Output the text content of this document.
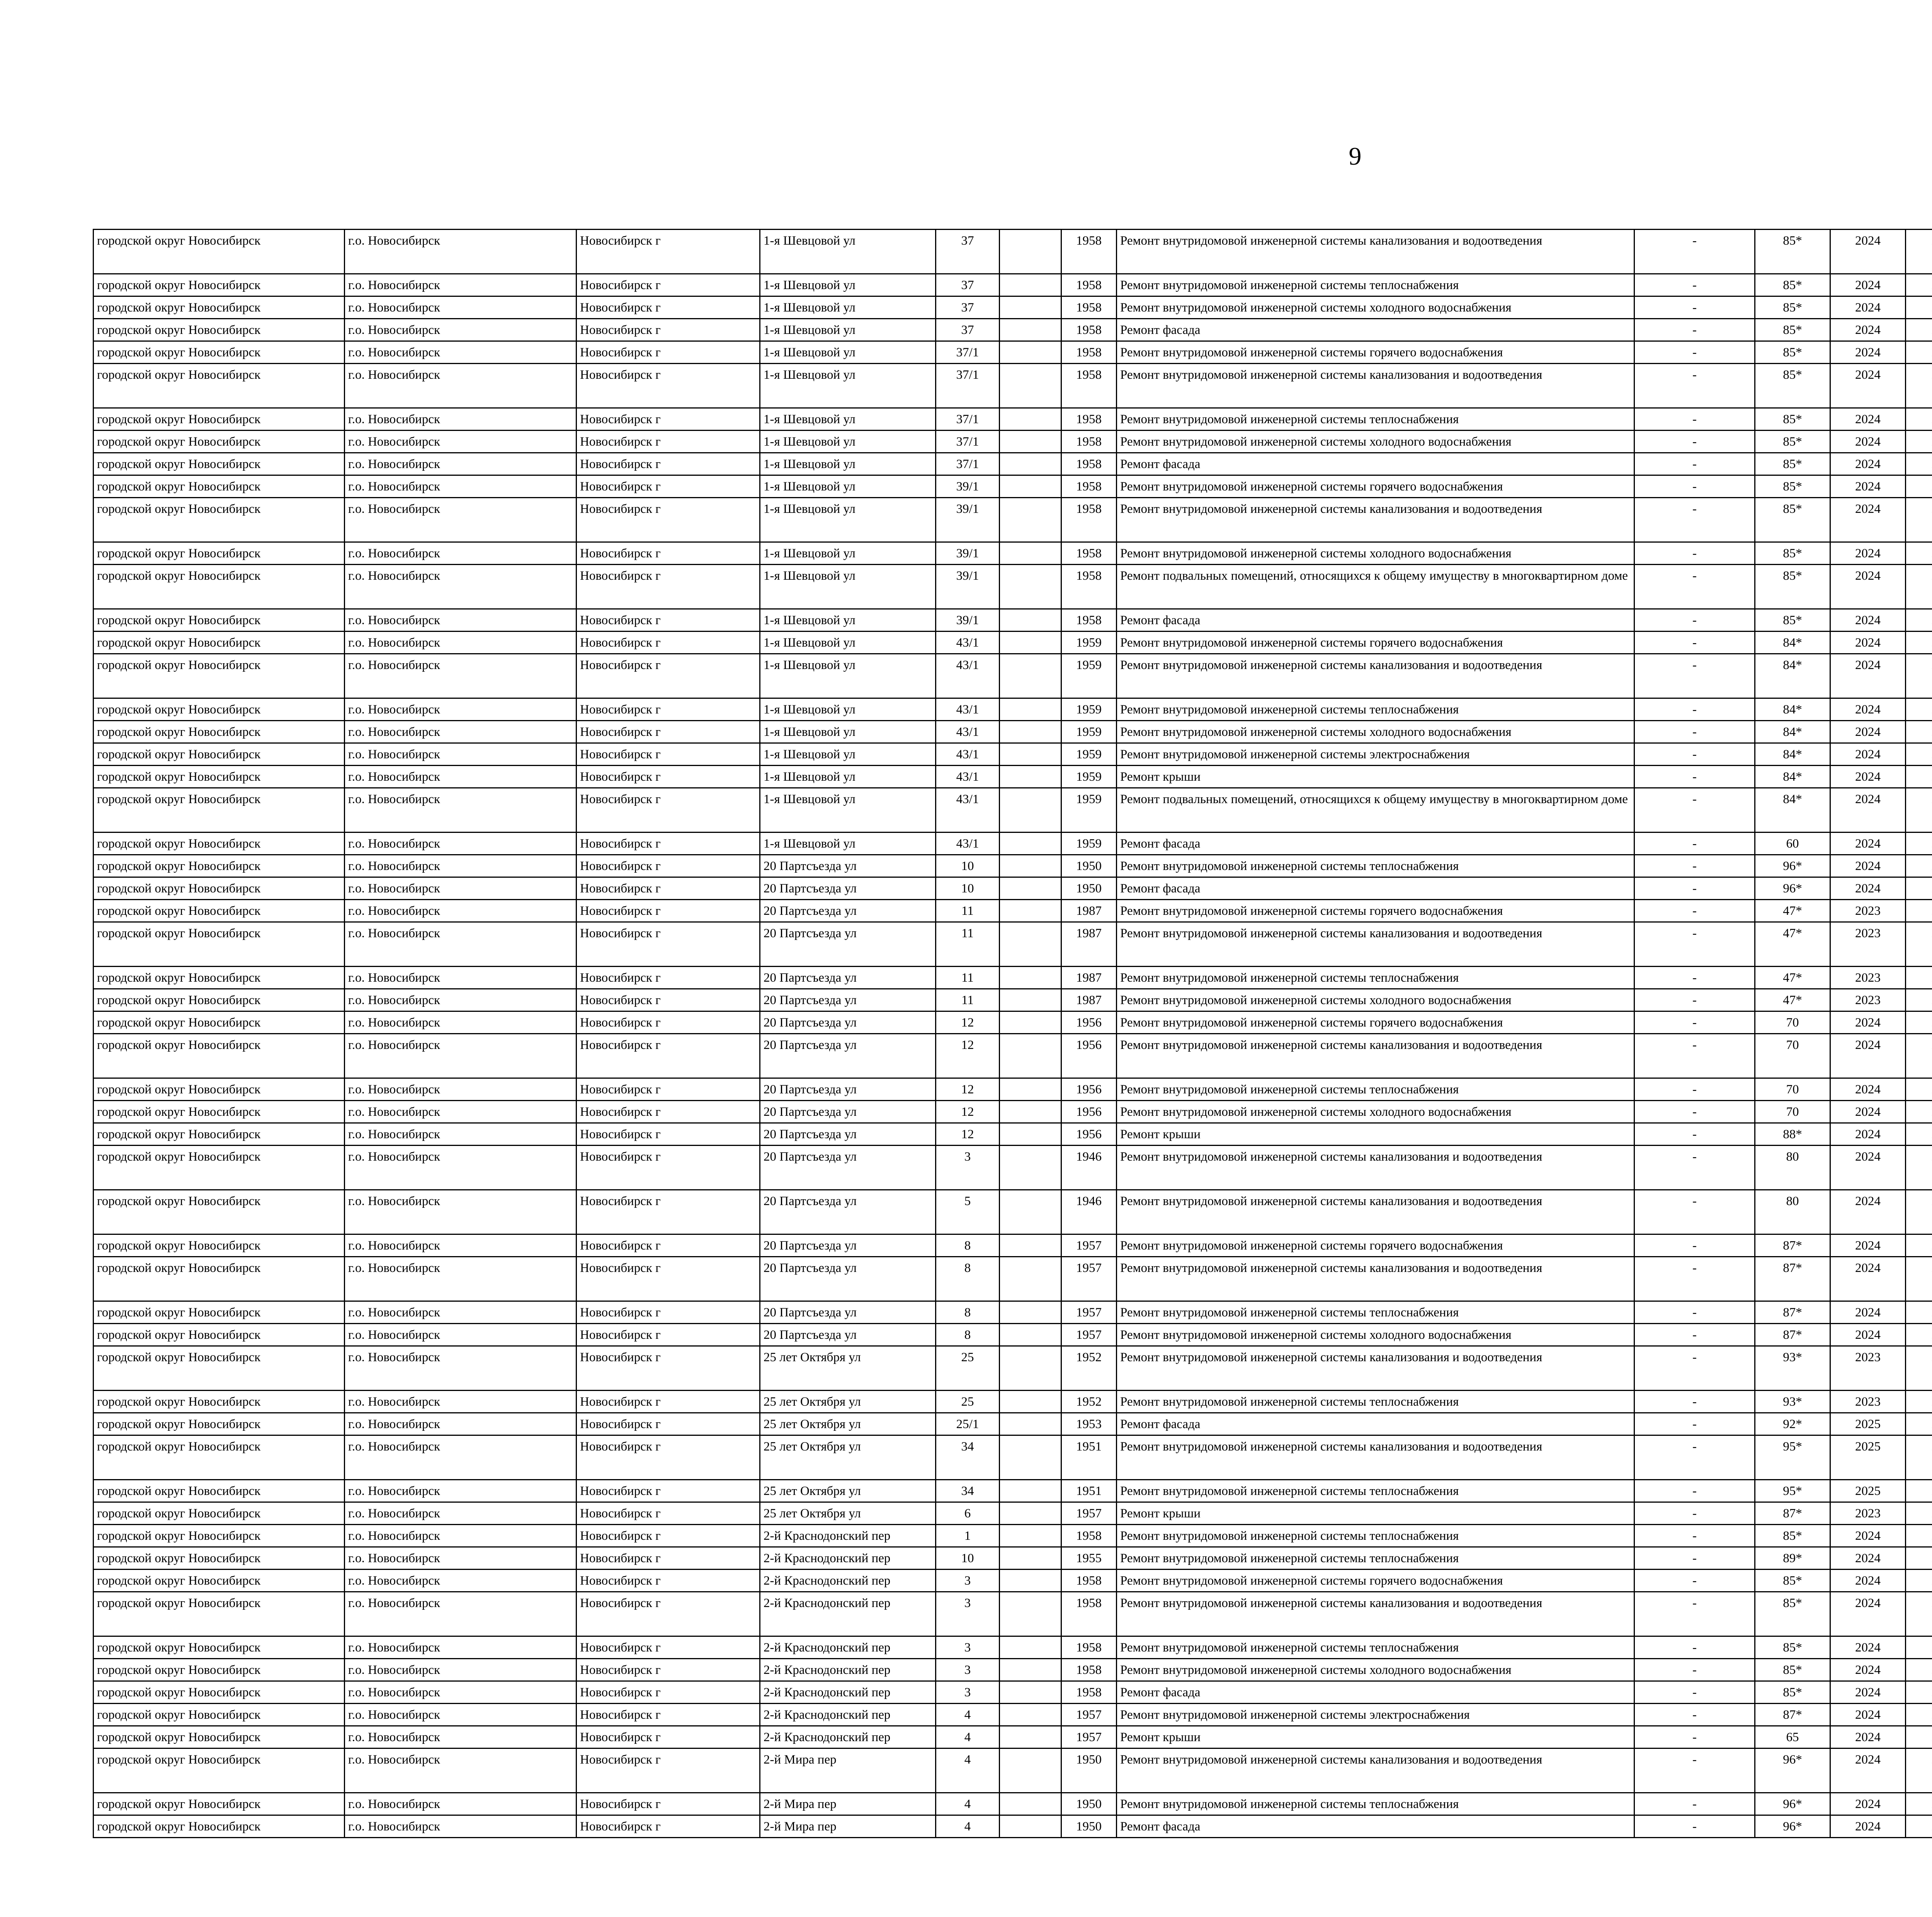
9
городской округ Новосибирск	г.о. Новосибирск	Новосибирск г	1-я Шевцовой ул	37		1958	Ремонт внутридомовой инженерной системы канализования и водоотведения	-	85*	2024						
городской округ Новосибирск	г.о. Новосибирск	Новосибирск г	1-я Шевцовой ул	37		1958	Ремонт внутридомовой инженерной системы теплоснабжения	-	85*	2024						
городской округ Новосибирск	г.о. Новосибирск	Новосибирск г	1-я Шевцовой ул	37		1958	Ремонт внутридомовой инженерной системы холодного водоснабжения	-	85*	2024						
городской округ Новосибирск	г.о. Новосибирск	Новосибирск г	1-я Шевцовой ул	37		1958	Ремонт фасада	-	85*	2024						
городской округ Новосибирск	г.о. Новосибирск	Новосибирск г	1-я Шевцовой ул	37/1		1958	Ремонт внутридомовой инженерной системы горячего водоснабжения	-	85*	2024						
городской округ Новосибирск	г.о. Новосибирск	Новосибирск г	1-я Шевцовой ул	37/1		1958	Ремонт внутридомовой инженерной системы канализования и водоотведения	-	85*	2024						
городской округ Новосибирск	г.о. Новосибирск	Новосибирск г	1-я Шевцовой ул	37/1		1958	Ремонт внутридомовой инженерной системы теплоснабжения	-	85*	2024						
городской округ Новосибирск	г.о. Новосибирск	Новосибирск г	1-я Шевцовой ул	37/1		1958	Ремонт внутридомовой инженерной системы холодного водоснабжения	-	85*	2024						
городской округ Новосибирск	г.о. Новосибирск	Новосибирск г	1-я Шевцовой ул	37/1		1958	Ремонт фасада	-	85*	2024						
городской округ Новосибирск	г.о. Новосибирск	Новосибирск г	1-я Шевцовой ул	39/1		1958	Ремонт внутридомовой инженерной системы горячего водоснабжения	-	85*	2024						
городской округ Новосибирск	г.о. Новосибирск	Новосибирск г	1-я Шевцовой ул	39/1		1958	Ремонт внутридомовой инженерной системы канализования и водоотведения	-	85*	2024						
городской округ Новосибирск	г.о. Новосибирск	Новосибирск г	1-я Шевцовой ул	39/1		1958	Ремонт внутридомовой инженерной системы холодного водоснабжения	-	85*	2024						
городской округ Новосибирск	г.о. Новосибирск	Новосибирск г	1-я Шевцовой ул	39/1		1958	Ремонт подвальных помещений, относящихся к общему имуществу в многоквартирном доме	-	85*	2024						
городской округ Новосибирск	г.о. Новосибирск	Новосибирск г	1-я Шевцовой ул	39/1		1958	Ремонт фасада	-	85*	2024						
городской округ Новосибирск	г.о. Новосибирск	Новосибирск г	1-я Шевцовой ул	43/1		1959	Ремонт внутридомовой инженерной системы горячего водоснабжения	-	84*	2024						
городской округ Новосибирск	г.о. Новосибирск	Новосибирск г	1-я Шевцовой ул	43/1		1959	Ремонт внутридомовой инженерной системы канализования и водоотведения	-	84*	2024						
городской округ Новосибирск	г.о. Новосибирск	Новосибирск г	1-я Шевцовой ул	43/1		1959	Ремонт внутридомовой инженерной системы теплоснабжения	-	84*	2024						
городской округ Новосибирск	г.о. Новосибирск	Новосибирск г	1-я Шевцовой ул	43/1		1959	Ремонт внутридомовой инженерной системы холодного водоснабжения	-	84*	2024						
городской округ Новосибирск	г.о. Новосибирск	Новосибирск г	1-я Шевцовой ул	43/1		1959	Ремонт внутридомовой инженерной системы электроснабжения	-	84*	2024						
городской округ Новосибирск	г.о. Новосибирск	Новосибирск г	1-я Шевцовой ул	43/1		1959	Ремонт крыши	-	84*	2024						
городской округ Новосибирск	г.о. Новосибирск	Новосибирск г	1-я Шевцовой ул	43/1		1959	Ремонт подвальных помещений, относящихся к общему имуществу в многоквартирном доме	-	84*	2024						
городской округ Новосибирск	г.о. Новосибирск	Новосибирск г	1-я Шевцовой ул	43/1		1959	Ремонт фасада	-	60	2024						
городской округ Новосибирск	г.о. Новосибирск	Новосибирск г	20 Партсъезда ул	10		1950	Ремонт внутридомовой инженерной системы теплоснабжения	-	96*	2024						
городской округ Новосибирск	г.о. Новосибирск	Новосибирск г	20 Партсъезда ул	10		1950	Ремонт фасада	-	96*	2024						
городской округ Новосибирск	г.о. Новосибирск	Новосибирск г	20 Партсъезда ул	11		1987	Ремонт внутридомовой инженерной системы горячего водоснабжения	-	47*	2023						
городской округ Новосибирск	г.о. Новосибирск	Новосибирск г	20 Партсъезда ул	11		1987	Ремонт внутридомовой инженерной системы канализования и водоотведения	-	47*	2023						
городской округ Новосибирск	г.о. Новосибирск	Новосибирск г	20 Партсъезда ул	11		1987	Ремонт внутридомовой инженерной системы теплоснабжения	-	47*	2023						
городской округ Новосибирск	г.о. Новосибирск	Новосибирск г	20 Партсъезда ул	11		1987	Ремонт внутридомовой инженерной системы холодного водоснабжения	-	47*	2023						
городской округ Новосибирск	г.о. Новосибирск	Новосибирск г	20 Партсъезда ул	12		1956	Ремонт внутридомовой инженерной системы горячего водоснабжения	-	70	2024						
городской округ Новосибирск	г.о. Новосибирск	Новосибирск г	20 Партсъезда ул	12		1956	Ремонт внутридомовой инженерной системы канализования и водоотведения	-	70	2024						
городской округ Новосибирск	г.о. Новосибирск	Новосибирск г	20 Партсъезда ул	12		1956	Ремонт внутридомовой инженерной системы теплоснабжения	-	70	2024						
городской округ Новосибирск	г.о. Новосибирск	Новосибирск г	20 Партсъезда ул	12		1956	Ремонт внутридомовой инженерной системы холодного водоснабжения	-	70	2024						
городской округ Новосибирск	г.о. Новосибирск	Новосибирск г	20 Партсъезда ул	12		1956	Ремонт крыши	-	88*	2024						
городской округ Новосибирск	г.о. Новосибирск	Новосибирск г	20 Партсъезда ул	3		1946	Ремонт внутридомовой инженерной системы канализования и водоотведения	-	80	2024						
городской округ Новосибирск	г.о. Новосибирск	Новосибирск г	20 Партсъезда ул	5		1946	Ремонт внутридомовой инженерной системы канализования и водоотведения	-	80	2024						
городской округ Новосибирск	г.о. Новосибирск	Новосибирск г	20 Партсъезда ул	8		1957	Ремонт внутридомовой инженерной системы горячего водоснабжения	-	87*	2024						
городской округ Новосибирск	г.о. Новосибирск	Новосибирск г	20 Партсъезда ул	8		1957	Ремонт внутридомовой инженерной системы канализования и водоотведения	-	87*	2024						
городской округ Новосибирск	г.о. Новосибирск	Новосибирск г	20 Партсъезда ул	8		1957	Ремонт внутридомовой инженерной системы теплоснабжения	-	87*	2024						
городской округ Новосибирск	г.о. Новосибирск	Новосибирск г	20 Партсъезда ул	8		1957	Ремонт внутридомовой инженерной системы холодного водоснабжения	-	87*	2024						
городской округ Новосибирск	г.о. Новосибирск	Новосибирск г	25 лет Октября ул	25		1952	Ремонт внутридомовой инженерной системы канализования и водоотведения	-	93*	2023						
городской округ Новосибирск	г.о. Новосибирск	Новосибирск г	25 лет Октября ул	25		1952	Ремонт внутридомовой инженерной системы теплоснабжения	-	93*	2023						
городской округ Новосибирск	г.о. Новосибирск	Новосибирск г	25 лет Октября ул	25/1		1953	Ремонт фасада	-	92*	2025						
городской округ Новосибирск	г.о. Новосибирск	Новосибирск г	25 лет Октября ул	34		1951	Ремонт внутридомовой инженерной системы канализования и водоотведения	-	95*	2025						
городской округ Новосибирск	г.о. Новосибирск	Новосибирск г	25 лет Октября ул	34		1951	Ремонт внутридомовой инженерной системы теплоснабжения	-	95*	2025						
городской округ Новосибирск	г.о. Новосибирск	Новосибирск г	25 лет Октября ул	6		1957	Ремонт крыши	-	87*	2023						
городской округ Новосибирск	г.о. Новосибирск	Новосибирск г	2-й Краснодонский пер	1		1958	Ремонт внутридомовой инженерной системы теплоснабжения	-	85*	2024						
городской округ Новосибирск	г.о. Новосибирск	Новосибирск г	2-й Краснодонский пер	10		1955	Ремонт внутридомовой инженерной системы теплоснабжения	-	89*	2024						
городской округ Новосибирск	г.о. Новосибирск	Новосибирск г	2-й Краснодонский пер	3		1958	Ремонт внутридомовой инженерной системы горячего водоснабжения	-	85*	2024						
городской округ Новосибирск	г.о. Новосибирск	Новосибирск г	2-й Краснодонский пер	3		1958	Ремонт внутридомовой инженерной системы канализования и водоотведения	-	85*	2024						
городской округ Новосибирск	г.о. Новосибирск	Новосибирск г	2-й Краснодонский пер	3		1958	Ремонт внутридомовой инженерной системы теплоснабжения	-	85*	2024						
городской округ Новосибирск	г.о. Новосибирск	Новосибирск г	2-й Краснодонский пер	3		1958	Ремонт внутридомовой инженерной системы холодного водоснабжения	-	85*	2024						
городской округ Новосибирск	г.о. Новосибирск	Новосибирск г	2-й Краснодонский пер	3		1958	Ремонт фасада	-	85*	2024						
городской округ Новосибирск	г.о. Новосибирск	Новосибирск г	2-й Краснодонский пер	4		1957	Ремонт внутридомовой инженерной системы электроснабжения	-	87*	2024						
городской округ Новосибирск	г.о. Новосибирск	Новосибирск г	2-й Краснодонский пер	4		1957	Ремонт крыши	-	65	2024						
городской округ Новосибирск	г.о. Новосибирск	Новосибирск г	2-й Мира пер	4		1950	Ремонт внутридомовой инженерной системы канализования и водоотведения	-	96*	2024						
городской округ Новосибирск	г.о. Новосибирск	Новосибирск г	2-й Мира пер	4		1950	Ремонт внутридомовой инженерной системы теплоснабжения	-	96*	2024						
городской округ Новосибирск	г.о. Новосибирск	Новосибирск г	2-й Мира пер	4		1950	Ремонт фасада	-	96*	2024						
